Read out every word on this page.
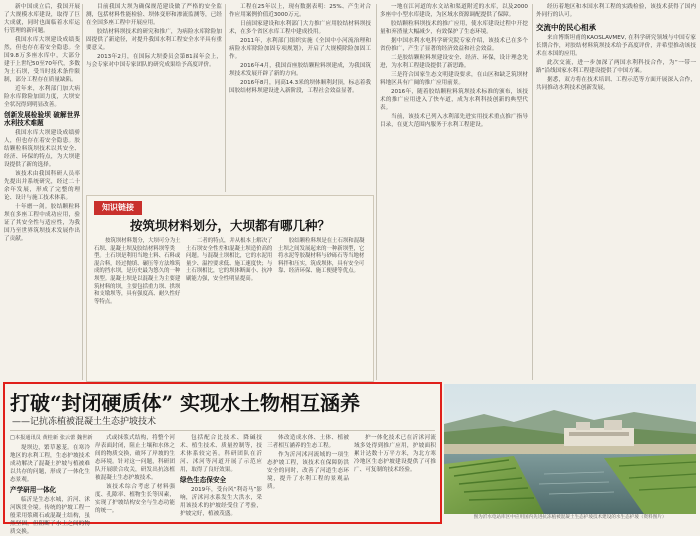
新中国成立后，我国开展了大规模水库建设，取得了巨大成就，同时也面临着水库运行管理的新问题。

我国水库大坝建设成绩斐然，但也存在着安全隐患。全国9.8万多座水库中，大部分建于上世纪50至70年代，多数为土石坝，受当时技术条件限制，部分工程存在质量缺陷。

近年来，水利部门加大病险水库除险加固力度，大坝安全状况得到明显改善。

创新发展检验坝 破解世界水利技术难题

我国水库大坝建设成绩骄人，但也存在着安全隐患。胶结颗粒料筑坝技术以其安全、经济、环保的特点，为大坝建设提供了新的选择。

该技术由我国科研人员率先提出并系统研究，经过二十余年发展，形成了完整的理论、设计与施工技术体系。

十年磨一剑。胶结颗粒料坝在多座工程中成功应用，验证了其安全性与适应性，为我国乃至世界筑坝技术发展作出了贡献。

目前我国大坝为确保规范建设做了严格的安全监测，包括材料性能检验、坝体变形和渗流监测等，已经在全国多座工程中开展应用。

胶结材料坝技术的研究和推广，为病险水库除险加固提供了新途径，对提升我国水利工程安全水平具有重要意义。

2013年2月，在国际大坝委员会第81届年会上，与会专家对中国专家团队的研究成果给予高度评价。

工程在25年以上，现有数据表明：25%、产生对合作应用案例价值近3000万元。

日前国家建设和水利部门大力推广应用胶结材料坝技术，在多个省区水库工程中建成投用。

2011年，水利部门组织实施《全国中小河流治理和病险水库除险加固专项规划》，开启了大规模除险加固工作。

2016年4月，我国首座胶结颗粒料坝建成，为我国筑坝技术发展开辟了新的方向。

2016年8月，同高14.3米的坝体顺利封顶，标志着我国胶结材料坝建设进入新阶段，工程社会效益显著。

知识链接
按筑坝材料划分，大坝都有哪几种？

按筑坝材料划分，大坝可分为土石坝、混凝土坝及胶结材料坝等类型。土石坝是利用当地土料、石料或混合料，经过抛填、碾压等方法堆筑成的挡水坝，是历史最为悠久的一种坝型。混凝土坝是以混凝土为主要建筑材料的坝，主要包括重力坝、拱坝和支墩坝等，具有强度高、耐久性好等特点。

二者的特点，并从根本上解决了土石坝安全性差和混凝土坝造价高的问题。与混凝土坝相比，它的水泥用量少、温控要求低、施工速度快；与土石坝相比，它的坝体断面小、抗冲刷能力强，安全性明显提高。

胶结颗粒料坝是在土石坝和混凝土坝之间发展起来的一种新坝型，它将水泥等胶凝材料与砂砾石等当地材料拌和压实，筑成坝体，具有安全可靠、经济环保、施工便捷等优点。

一地在江河道的水文站和渠道附近的水库，以及2000多座中小型水库建设，为区域水资源调配提供了保障。

胶结颗粒料坝技术的推广应用，使水库建设过程中开挖量和弃渣量大幅减少，有效保护了生态环境。

据中国水利水电科学研究院专家介绍，该技术已在多个省份推广，产生了显著的经济效益和社会效益。

二是胶结颗粒料坝建设安全、经济、环保，设计理念先进，为水利工程建设提供了新思路。

三是符合国家生态文明建设要求，在山区和缺乏筑坝材料地区具有广阔的推广应用前景。

2016年，随着胶结颗粒料筑坝技术标准的颁布，该技术的推广应用进入了快车道，成为水利科技创新的典型代表。

当前，该技术已列入水利部先进实用技术重点推广指导目录，在更大范围内服务于水利工程建设。

经历着地区和本国水利工程的实践检验，该技术获得了国内外同行的认可。

交流中的民心相承

来自博斯坦甫的KAOSLAVMEV, 在科学研究领域与中国专家长期合作，对胶结材料筑坝技术给予高度评价，并希望推动该技术在本国的应用。

此次交流，进一步加深了两国水利科技合作，为“一带一路”沿线国家水利工程建设提供了中国方案。

据悉，双方将在技术培训、工程示范等方面开展深入合作，共同推动水利技术创新发展。

打破“封闭硬质体” 实现水土物相互涵养
——记抗冻植被混凝土生态护坡技术
□本报通讯员 黄桂新 张云蕾 魏世新

堤坝边，繁草葱茏。在寒冷地区的水利工程，生态护坡技术成功解决了混凝土护坡与植被难以共存的问题，形成了一体化生态景观。

产学研用一体化

临沂是生态水城，沂河、沭河纵贯全境。传统的护坡工程一般采用浆砌石或混凝土结构，虽然坚固，但阻断了水土之间的物质交换。

式或抹浆式结构，将整个河岸表面封闭，阻止土壤和水体之间的物质交换，破坏了岸坡的生态环境。针对这一问题，科研团队开展联合攻关，研发出抗冻植被混凝土生态护坡技术。

该技术综合考虑了材料强度、孔隙率、植物生长等因素，实现了护坡结构安全与生态功能的统一。

包括配合比技术、降碱技术、植生技术、质量控制等，技术体系较完善。科研团队在沂河、沭河等河道开展了示范应用，取得了良好效果。

绿色生态保安全

2019年，受台风“利奇马”影响，沂沭河水系发生大洪水，采用该技术的护坡经受住了考验，护坡完好，植被茂盛。

体改造成水体、土体、植被三者相互涵养的生态工程。

作为沂河沭河流域的一项生态护坡工程，该技术在保障防洪安全的同时，改善了河道生态环境，提升了水利工程的景观品质。

护一体化技术已在沂沭河流域多处得到推广应用，护坡面积累计达数十万平方米，为北方寒冷地区生态护坡建设提供了可推广、可复制的技术经验。

图为沂水电站库区中应用国内先进抗冻植被混凝土生态护坡技术建设的水生态护坡（资料图片）
